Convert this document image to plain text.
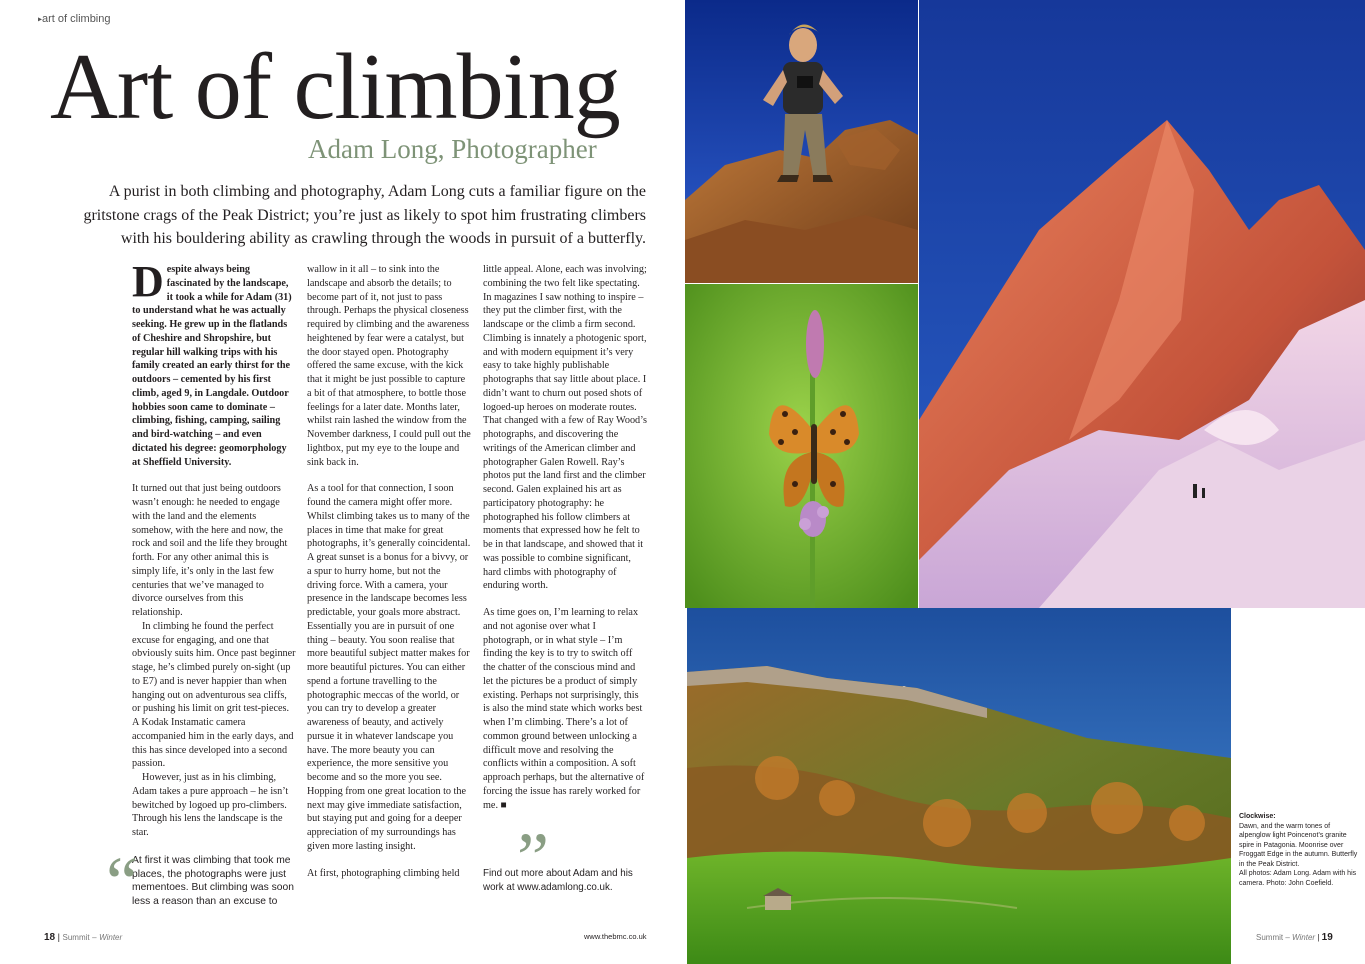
▸art of climbing
Art of climbing
Adam Long, Photographer
A purist in both climbing and photography, Adam Long cuts a familiar figure on the gritstone crags of the Peak District; you’re just as likely to spot him frustrating climbers with his bouldering ability as crawling through the woods in pursuit of a butterfly.

Despite always being fascinated by the landscape, it took a while for Adam (31) to understand what he was actually seeking. He grew up in the flatlands of Cheshire and Shropshire, but regular hill walking trips with his family created an early thirst for the outdoors – cemented by his first climb, aged 9, in Langdale. Outdoor hobbies soon came to dominate – climbing, fishing, camping, sailing and bird-watching – and even dictated his degree: geomorphology at Sheffield University.

It turned out that just being outdoors wasn’t enough: he needed to engage with the land and the elements somehow, with the here and now, the rock and soil and the life they brought forth. For any other animal this is simply life, it’s only in the last few centuries that we’ve managed to divorce ourselves from this relationship.

In climbing he found the perfect excuse for engaging, and one that obviously suits him. Once past beginner stage, he’s climbed purely on-sight (up to E7) and is never happier than when hanging out on adventurous sea cliffs, or pushing his limit on grit test-pieces. A Kodak Instamatic camera accompanied him in the early days, and this has since developed into a second passion.

However, just as in his climbing, Adam takes a pure approach – he isn’t bewitched by logoed up pro-climbers. Through his lens the landscape is the star.

At first it was climbing that took me places, the photographs were just mementoes. But climbing was soon less a reason than an excuse to

wallow in it all – to sink into the landscape and absorb the details; to become part of it, not just to pass through. Perhaps the physical closeness required by climbing and the awareness heightened by fear were a catalyst, but the door stayed open. Photography offered the same excuse, with the kick that it might be just possible to capture a bit of that atmosphere, to bottle those feelings for a later date. Months later, whilst rain lashed the window from the November darkness, I could pull out the lightbox, put my eye to the loupe and sink back in.

As a tool for that connection, I soon found the camera might offer more. Whilst climbing takes us to many of the places in time that make for great photographs, it’s generally coincidental. A great sunset is a bonus for a bivvy, or a spur to hurry home, but not the driving force. With a camera, your presence in the landscape becomes less predictable, your goals more abstract. Essentially you are in pursuit of one thing – beauty. You soon realise that more beautiful subject matter makes for more beautiful pictures. You can either spend a fortune travelling to the photographic meccas of the world, or you can try to develop a greater awareness of beauty, and actively pursue it in whatever landscape you have. The more beauty you can experience, the more sensitive you become and so the more you see. Hopping from one great location to the next may give immediate satisfaction, but staying put and going for a deeper appreciation of my surroundings has given more lasting insight.

At first, photographing climbing held

little appeal. Alone, each was involving; combining the two felt like spectating. In magazines I saw nothing to inspire – they put the climber first, with the landscape or the climb a firm second. Climbing is innately a photogenic sport, and with modern equipment it’s very easy to take highly publishable photographs that say little about place. I didn’t want to churn out posed shots of logoed-up heroes on moderate routes. That changed with a few of Ray Wood’s photographs, and discovering the writings of the American climber and photographer Galen Rowell. Ray’s photos put the land first and the climber second. Galen explained his art as participatory photography: he photographed his follow climbers at moments that expressed how he felt to be in that landscape, and showed that it was possible to combine significant, hard climbs with photography of enduring worth.

As time goes on, I’m learning to relax and not agonise over what I photograph, or in what style – I’m finding the key is to try to switch off the chatter of the conscious mind and let the pictures be a product of simply existing. Perhaps not surprisingly, this is also the mind state which works best when I’m climbing. There’s a lot of common ground between unlocking a difficult move and resolving the conflicts within a composition. A soft approach perhaps, but the alternative of forcing the issue has rarely worked for me. ■

“	”
Find out more about Adam and his work at www.adamlong.co.uk.
18 | Summit – Winter	www.thebmc.co.uk
Clockwise:
Dawn, and the warm tones of alpenglow light Poincenot’s granite spire in Patagonia. Moonrise over Froggatt Edge in the autumn. Butterfly in the Peak District.
All photos: Adam Long. Adam with his camera. Photo: John Coefield.
Summit – Winter | 19
